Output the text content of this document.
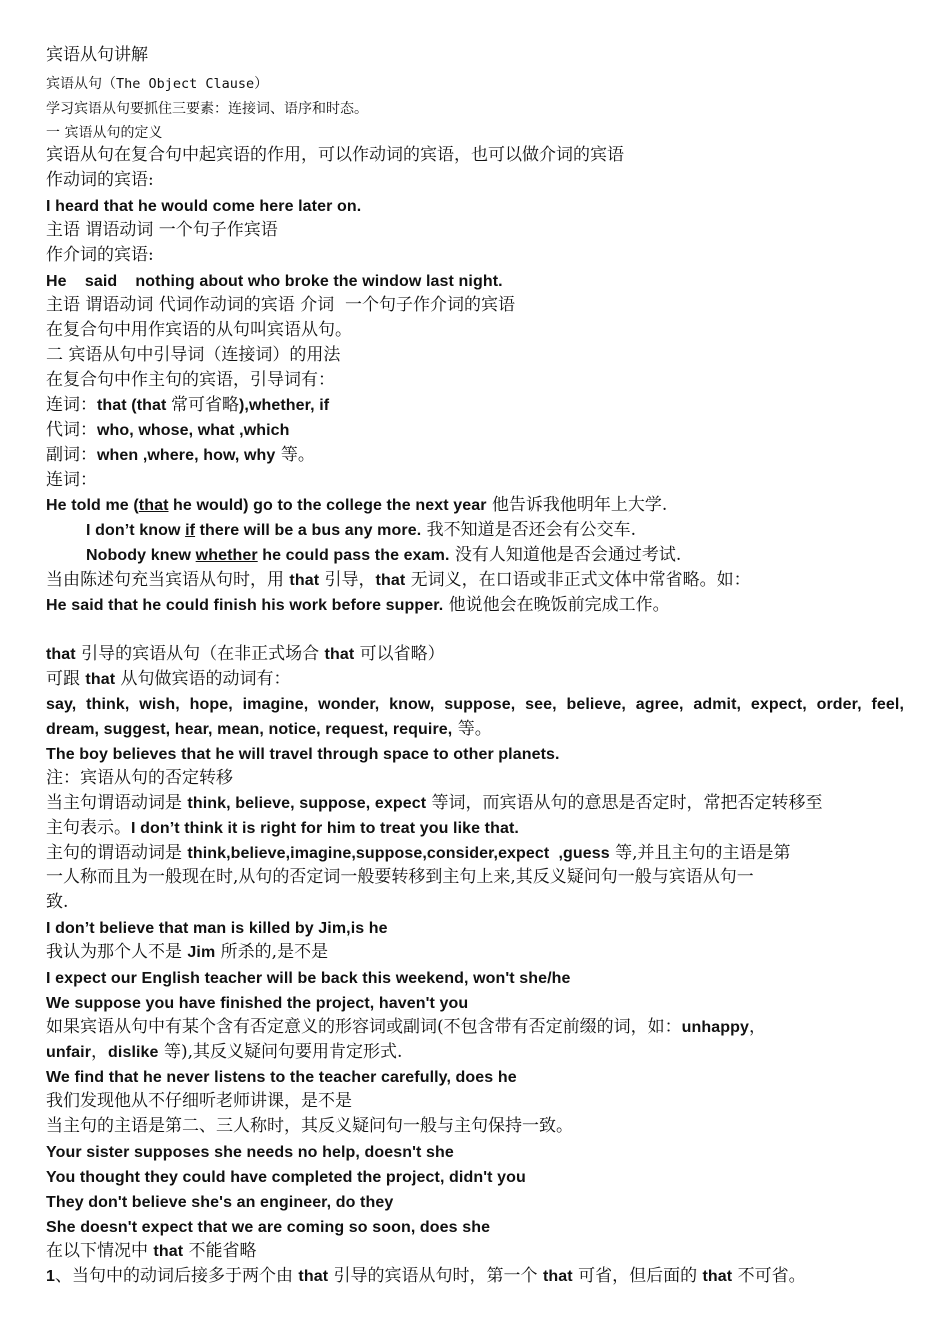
宾语从句讲解

宾语从句（The Object Clause）

学习宾语从句要抓住三要素：连接词、语序和时态。

一 宾语从句的定义

宾语从句在复合句中起宾语的作用，可以作动词的宾语，也可以做介词的宾语

作动词的宾语:

I heard that he would come here later on.

主语 谓语动词 一个句子作宾语

作介词的宾语:

He    said    nothing about who broke the window last night.

主语 谓语动词 代词作动词的宾语 介词  一个句子作介词的宾语

在复合句中用作宾语的从句叫宾语从句。

二 宾语从句中引导词（连接词）的用法

在复合句中作主句的宾语，引导词有：

连词：that (that 常可省略),whether, if

代词：who, whose, what ,which

副词：when ,where, how, why 等。

连词：

He told me (that he would) go to the college the next year 他告诉我他明年上大学.

I don’t know if there will be a bus any more. 我不知道是否还会有公交车.

Nobody knew whether he could pass the exam. 没有人知道他是否会通过考试.

当由陈述句充当宾语从句时，用 that 引导，that 无词义，在口语或非正式文体中常省略。如：

He said that he could finish his work before supper. 他说他会在晚饭前完成工作。

that 引导的宾语从句（在非正式场合 that 可以省略）

可跟 that 从句做宾语的动词有：

say, think, wish, hope, imagine, wonder, know, suppose, see, believe, agree, admit, expect, order, feel,

dream, suggest, hear, mean, notice, request, require, 等。

The boy believes that he will travel through space to other planets.

注：宾语从句的否定转移

当主句谓语动词是 think, believe, suppose, expect 等词，而宾语从句的意思是否定时，常把否定转移至

主句表示。I don’t think it is right for him to treat you like that.

主句的谓语动词是 think,believe,imagine,suppose,consider,expect  ,guess 等,并且主句的主语是第

一人称而且为一般现在时,从句的否定词一般要转移到主句上来,其反义疑问句一般与宾语从句一

致.

I don’t believe that man is killed by Jim,is he

我认为那个人不是 Jim 所杀的,是不是

I expect our English teacher will be back this weekend, won't she/he

We suppose you have finished the project, haven't you

如果宾语从句中有某个含有否定意义的形容词或副词(不包含带有否定前缀的词，如：unhappy，

unfair，dislike 等),其反义疑问句要用肯定形式.

We find that he never listens to the teacher carefully, does he

我们发现他从不仔细听老师讲课，是不是

当主句的主语是第二、三人称时，其反义疑问句一般与主句保持一致。

Your sister supposes she needs no help, doesn't she

You thought they could have completed the project, didn't you

They don't believe she's an engineer, do they

She doesn't expect that we are coming so soon, does she

在以下情况中 that 不能省略

1、当句中的动词后接多于两个由 that 引导的宾语从句时，第一个 that 可省，但后面的 that 不可省。
